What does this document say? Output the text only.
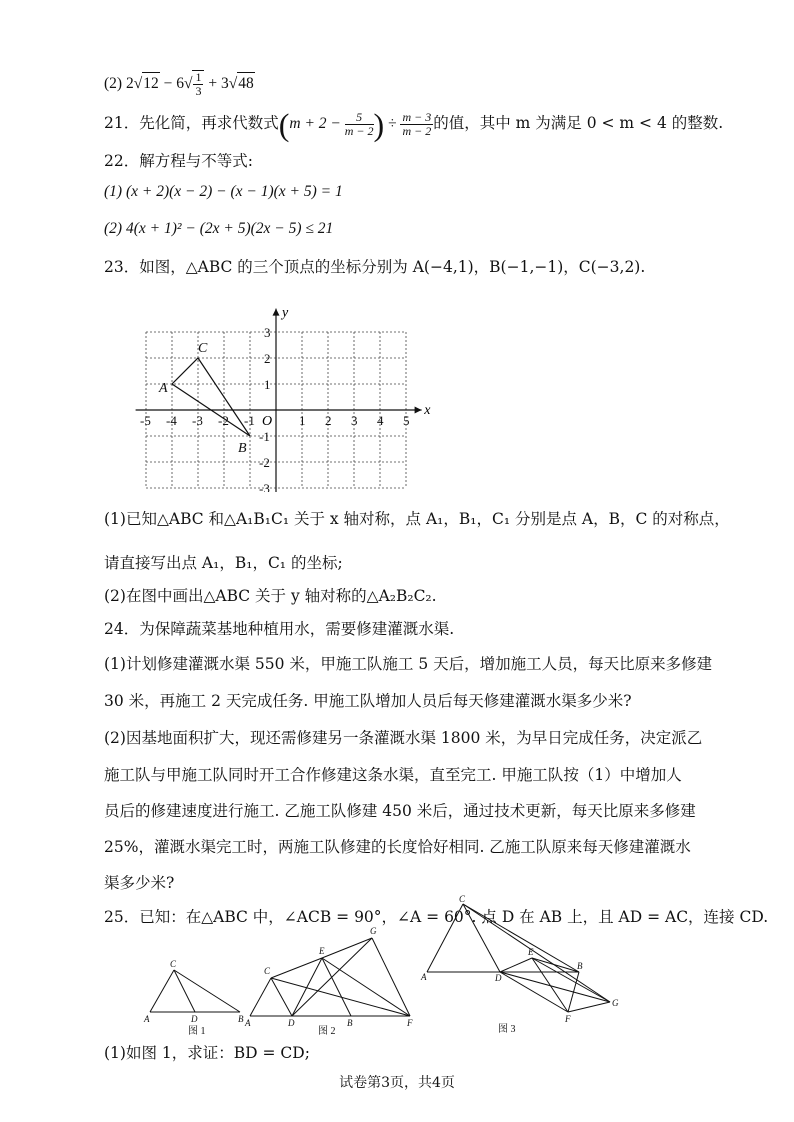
(2) $2√12 - 6√ \frac{1}{3} + 3√48$
21．先化简，再求代数式($m + 2 - \frac{5}{m - 2}$ ) ÷ $\frac{m - 3}{m - 2}$ 的值，其中 m 为满足 0 < m < 4 的整数.
22．解方程与不等式:
(1) (x + 2)(x − 2) − (x − 1)(x + 5) = 1
(2) 4(x + 1)² − (2x + 5)(2x − 5) ≤ 21
23．如图，△ABC 的三个顶点的坐标分别为 A(−4,1)，B(−1,−1)，C(−3,2).
-5 -4 -3 -2 -1	1 2 3 4 5
3
2
1
-1
-2
-3
A
B
C
x
y
O
(1)已知△ABC 和△A₁B₁C₁ 关于 x 轴对称，点 A₁，B₁，C₁ 分别是点 A，B，C 的对称点，
请直接写出点 A₁，B₁，C₁ 的坐标;
(2)在图中画出△ABC 关于 y 轴对称的△A₂B₂C₂.
24．为保障蔬菜基地种植用水，需要修建灌溉水渠.
(1)计划修建灌溉水渠 550 米，甲施工队施工 5 天后，增加施工人员，每天比原来多修建
30 米，再施工 2 天完成任务. 甲施工队增加人员后每天修建灌溉水渠多少米?
(2)因基地面积扩大，现还需修建另一条灌溉水渠 1800 米，为早日完成任务，决定派乙
施工队与甲施工队同时开工合作修建这条水渠，直至完工. 甲施工队按（1）中增加人
员后的修建速度进行施工. 乙施工队修建 450 米后，通过技术更新，每天比原来多修建
25%，灌溉水渠完工时，两施工队修建的长度恰好相同. 乙施工队原来每天修建灌溉水
渠多少米?
25．已知：在△ABC 中，∠ACB = 90°，∠A = 60°. 点 D 在 AB 上，且 AD = AC，连接 CD.
C
A	D	B
C
E
G
A	D	B	F
C
A	D
E
B
F
G
图 1	图 2	图 3
(1)如图 1，求证：BD = CD;
试卷第3页，共4页
